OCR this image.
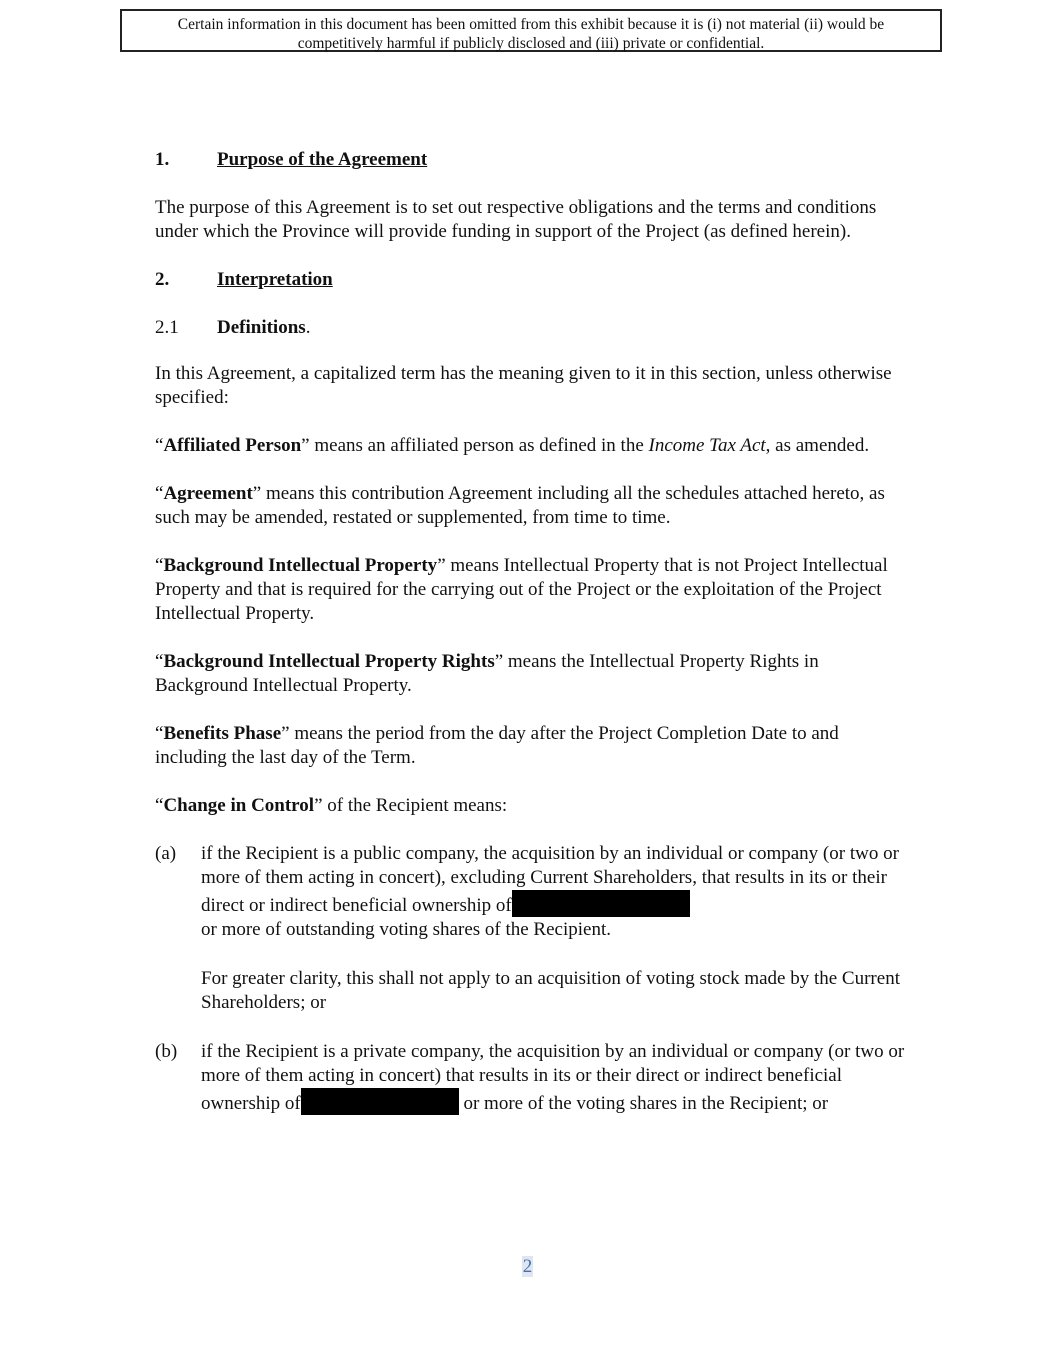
Certain information in this document has been omitted from this exhibit because it is (i) not material (ii) would be
competitively harmful if publicly disclosed and (iii) private or confidential.
1.	Purpose of the Agreement

The purpose of this Agreement is to set out respective obligations and the terms and conditions under which the Province will provide funding in support of the Project (as defined herein).

2.	Interpretation
2.1	Definitions.

In this Agreement, a capitalized term has the meaning given to it in this section, unless otherwise specified:

“Affiliated Person” means an affiliated person as defined in the Income Tax Act, as amended.

“Agreement” means this contribution Agreement including all the schedules attached hereto, as such may be amended, restated or supplemented, from time to time.

“Background Intellectual Property” means Intellectual Property that is not Project Intellectual Property and that is required for the carrying out of the Project or the exploitation of the Project Intellectual Property.

“Background Intellectual Property Rights” means the Intellectual Property Rights in Background Intellectual Property.

“Benefits Phase” means the period from the day after the Project Completion Date to and including the last day of the Term.

“Change in Control” of the Recipient means:

(a)	if the Recipient is a public company, the acquisition by an individual or company (or two or more of them acting in concert), excluding Current Shareholders, that results in its or their direct or indirect beneficial ownership of
or more of outstanding voting shares of the Recipient.

For greater clarity, this shall not apply to an acquisition of voting stock made by the Current Shareholders; or

(b)	if the Recipient is a private company, the acquisition by an individual or company (or two or more of them acting in concert) that results in its or their direct or indirect beneficial ownership of	or more of the voting shares in the Recipient; or

2
